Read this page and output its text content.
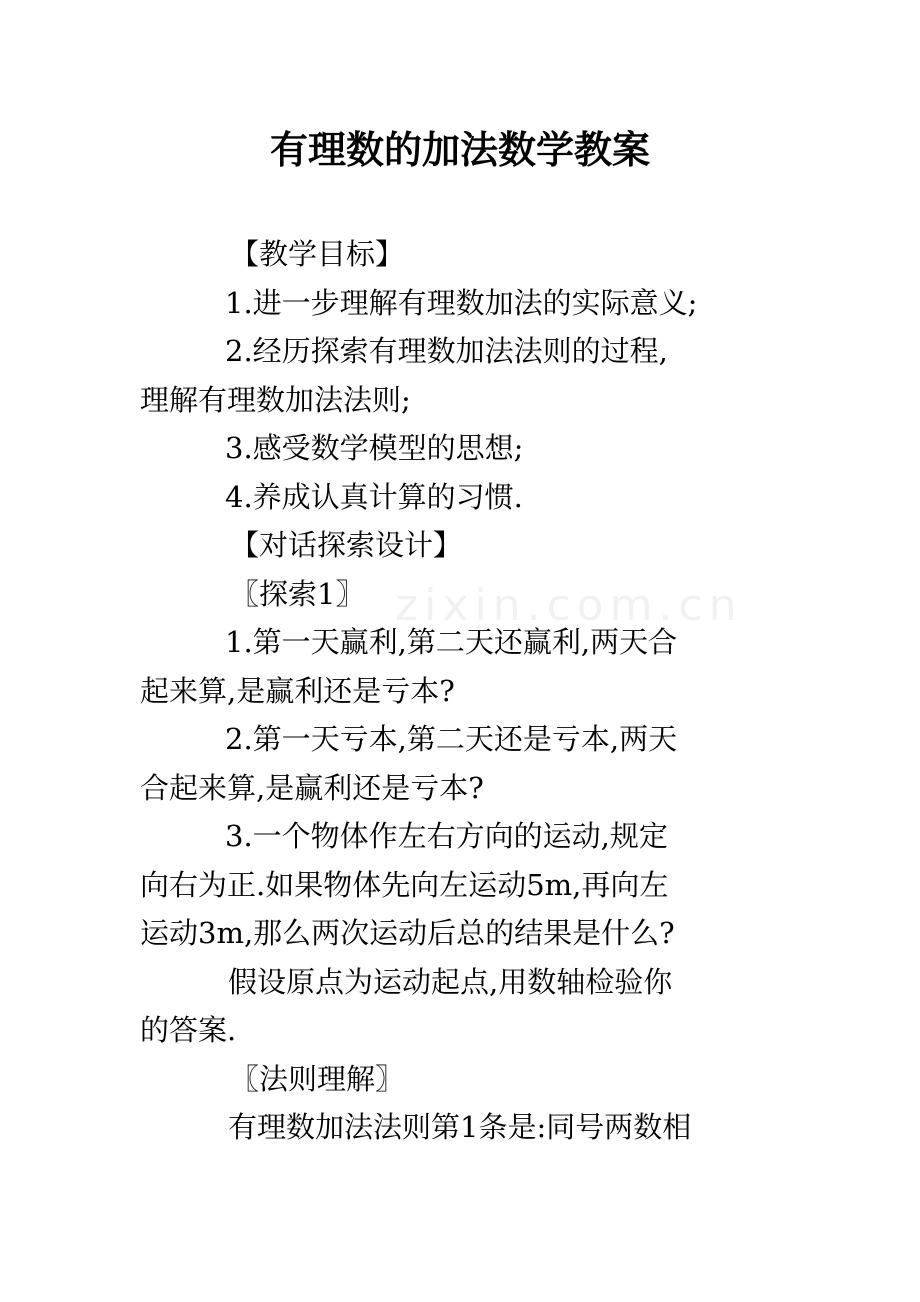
zixin.com.cn
有理数的加法数学教案
【教学目标】
1.进一步理解有理数加法的实际意义;
2.经历探索有理数加法法则的过程,
理解有理数加法法则;
3.感受数学模型的思想;
4.养成认真计算的习惯.
【对话探索设计】
〖探索1〗
1.第一天赢利,第二天还赢利,两天合
起来算,是赢利还是亏本?
2.第一天亏本,第二天还是亏本,两天
合起来算,是赢利还是亏本?
3.一个物体作左右方向的运动,规定
向右为正.如果物体先向左运动5m,再向左
运动3m,那么两次运动后总的结果是什么?
假设原点为运动起点,用数轴检验你
的答案.
〖法则理解〗
有理数加法法则第1条是:同号两数相
